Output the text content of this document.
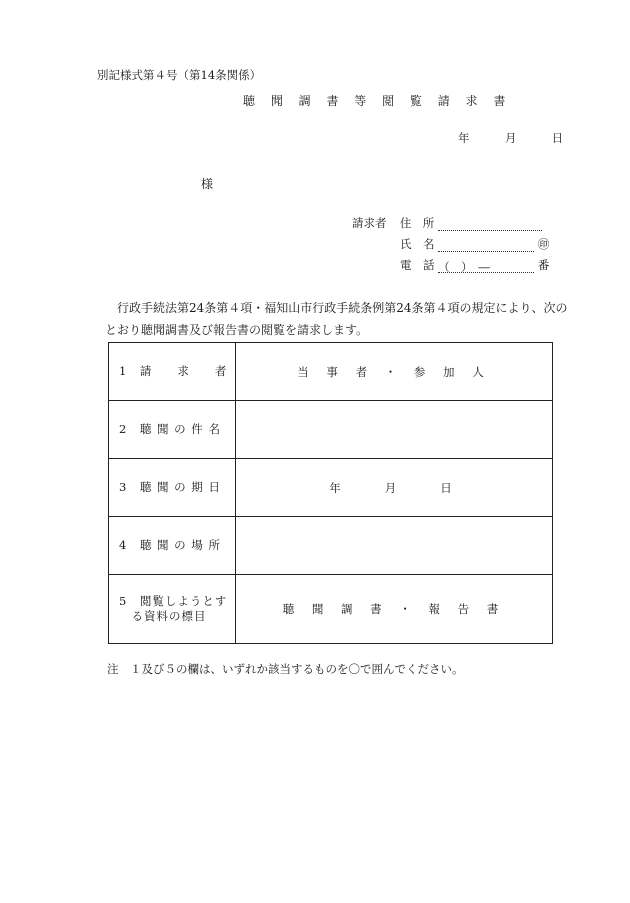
別記様式第４号（第14条関係）
聴 聞 調 書 等 閲 覧 請 求 書
年	月	日
様
請求者 住　所
氏　名	㊞
電　話 （　）　―	番
　行政手続法第24条第４項・福知山市行政手続条例第24条第４項の規定により、次のとおり聴聞調書及び報告書の閲覧を請求します。
1　請　　求　　者	当 事 者 ・ 参 加 人
2　聴 聞 の 件 名	
3　聴 聞 の 期 日	年　　月　　日
4　聴 聞 の 場 所	

5　閲覧しようとす
　る資料の標目	聴 聞 調 書 ・ 報 告 書
注　１及び５の欄は、いずれか該当するものを〇で囲んでください。
